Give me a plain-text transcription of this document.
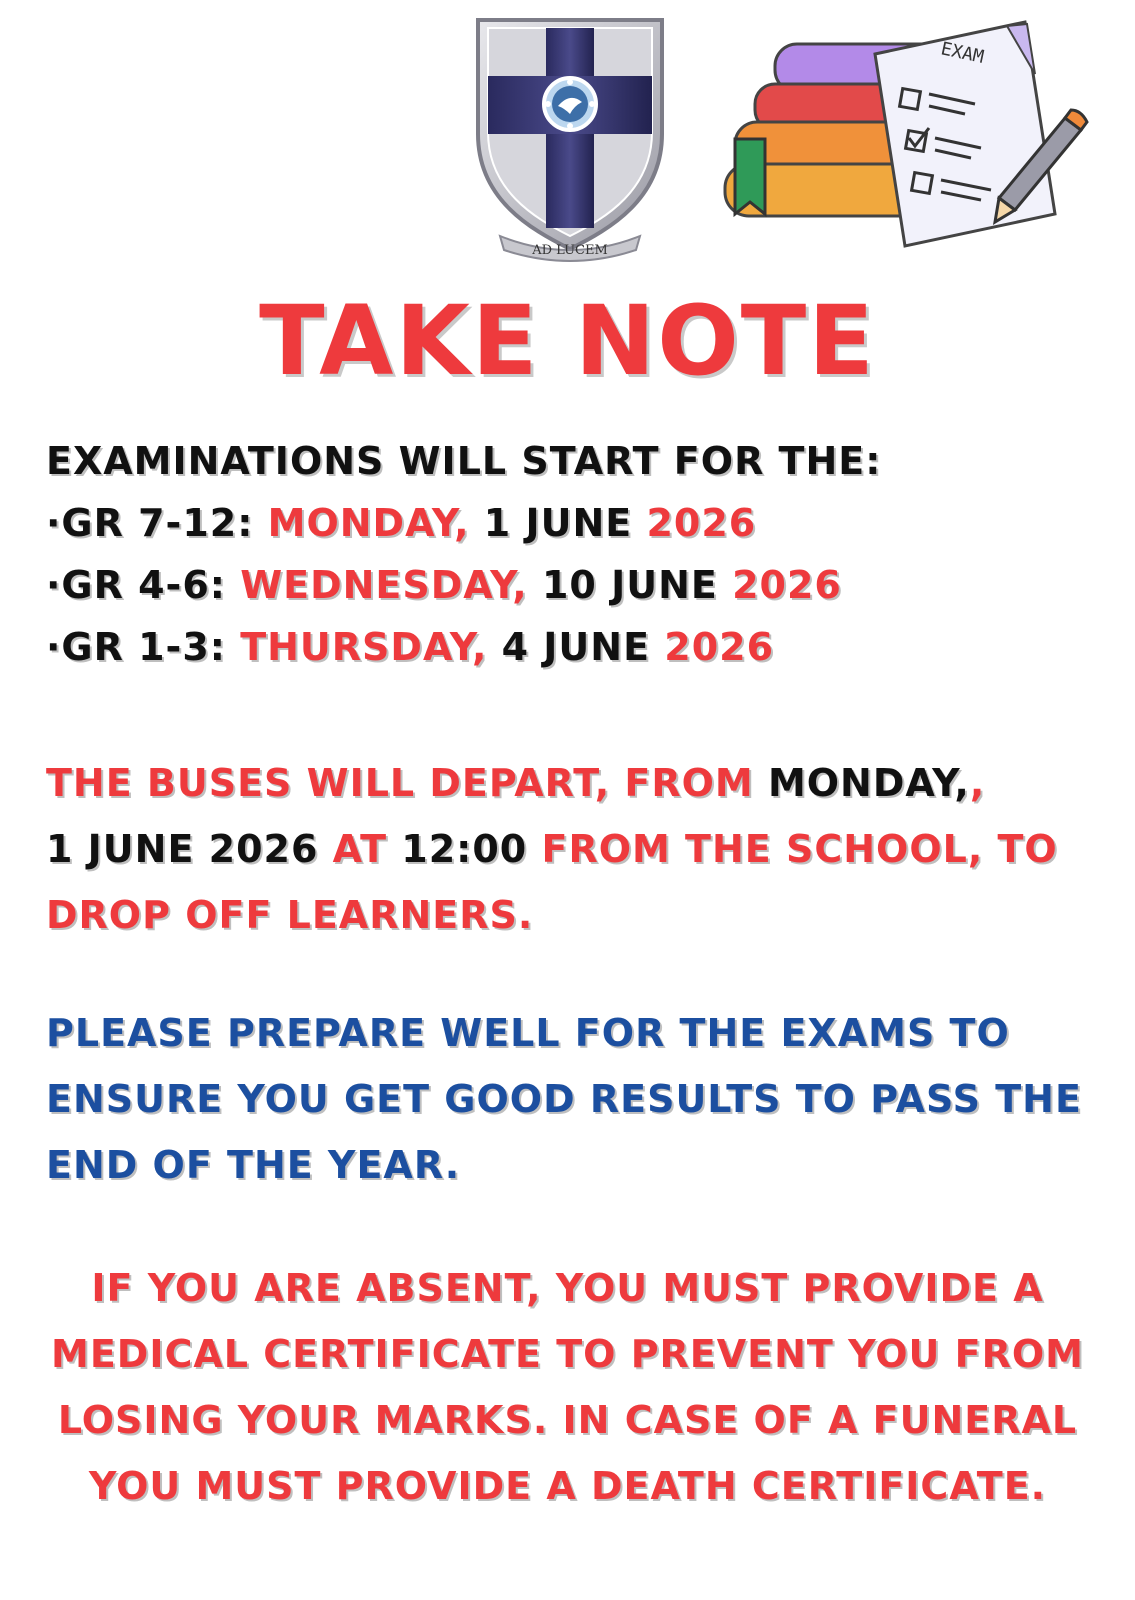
AD LUCEM
EXAM
TAKE NOTE
EXAMINATIONS WILL START FOR THE:
·GR 7-12: MONDAY, 1 JUNE 2026
·GR 4-6: WEDNESDAY, 10 JUNE 2026
·GR 1-3: THURSDAY, 4 JUNE 2026

THE BUSES WILL DEPART, FROM MONDAY,,
1 JUNE 2026 AT 12:00 FROM THE SCHOOL, TO DROP OFF LEARNERS.

PLEASE PREPARE WELL FOR THE EXAMS TO ENSURE YOU GET GOOD RESULTS TO PASS THE END OF THE YEAR.

IF YOU ARE ABSENT, YOU MUST PROVIDE A MEDICAL CERTIFICATE TO PREVENT YOU FROM LOSING YOUR MARKS. IN CASE OF A FUNERAL YOU MUST PROVIDE A DEATH CERTIFICATE.
